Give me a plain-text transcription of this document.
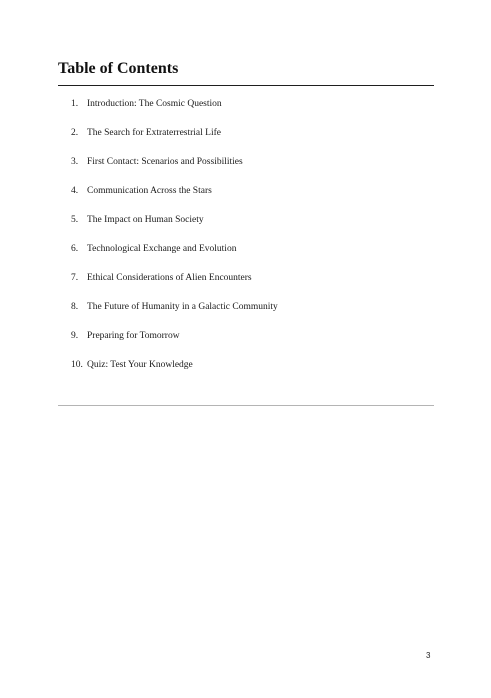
Table of Contents
1. Introduction: The Cosmic Question
2. The Search for Extraterrestrial Life
3. First Contact: Scenarios and Possibilities
4. Communication Across the Stars
5. The Impact on Human Society
6. Technological Exchange and Evolution
7. Ethical Considerations of Alien Encounters
8. The Future of Humanity in a Galactic Community
9. Preparing for Tomorrow
10. Quiz: Test Your Knowledge
3
